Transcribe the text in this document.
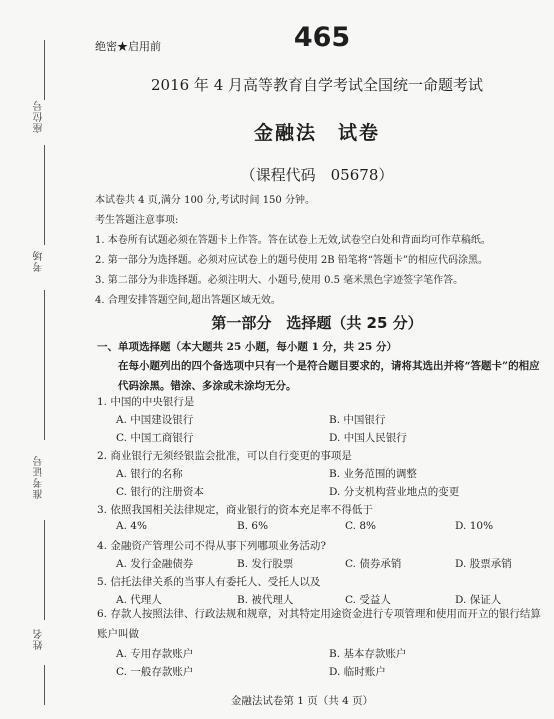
座位号
考场
准考证号
姓名
绝密★启用前	465
2016 年 4 月高等教育自学考试全国统一命题考试
金融法　试卷
（课程代码　05678）
本试卷共 4 页,满分 100 分,考试时间 150 分钟。
考生答题注意事项:
1. 本卷所有试题必须在答题卡上作答。答在试卷上无效,试卷空白处和背面均可作草稿纸。
2. 第一部分为选择题。必须对应试卷上的题号使用 2B 铅笔将“答题卡”的相应代码涂黑。
3. 第二部分为非选择题。必须注明大、小题号,使用 0.5 毫米黑色字迹签字笔作答。
4. 合理安排答题空间,超出答题区域无效。
第一部分　选择题（共 25 分）
一、单项选择题（本大题共 25 小题，每小题 1 分，共 25 分）
在每小题列出的四个备选项中只有一个是符合题目要求的，请将其选出并将“答题卡”的相应代码涂黑。错涂、多涂或未涂均无分。
1. 中国的中央银行是
A. 中国建设银行	B. 中国银行
C. 中国工商银行	D. 中国人民银行
2. 商业银行无须经银监会批准，可以自行变更的事项是
A. 银行的名称	B. 业务范围的调整
C. 银行的注册资本	D. 分支机构营业地点的变更
3. 依照我国相关法律规定，商业银行的资本充足率不得低于
A. 4%	B. 6%	C. 8%	D. 10%
4. 金融资产管理公司不得从事下列哪项业务活动?
A. 发行金融债券	B. 发行股票	C. 债券承销	D. 股票承销
5. 信托法律关系的当事人有委托人、受托人以及
A. 代理人	B. 被代理人	C. 受益人	D. 保证人
6. 存款人按照法律、行政法规和规章，对其特定用途资金进行专项管理和使用而开立的银行结算账户叫做
A. 专用存款账户	B. 基本存款账户
C. 一般存款账户	D. 临时账户
金融法试卷第 1 页（共 4 页）
